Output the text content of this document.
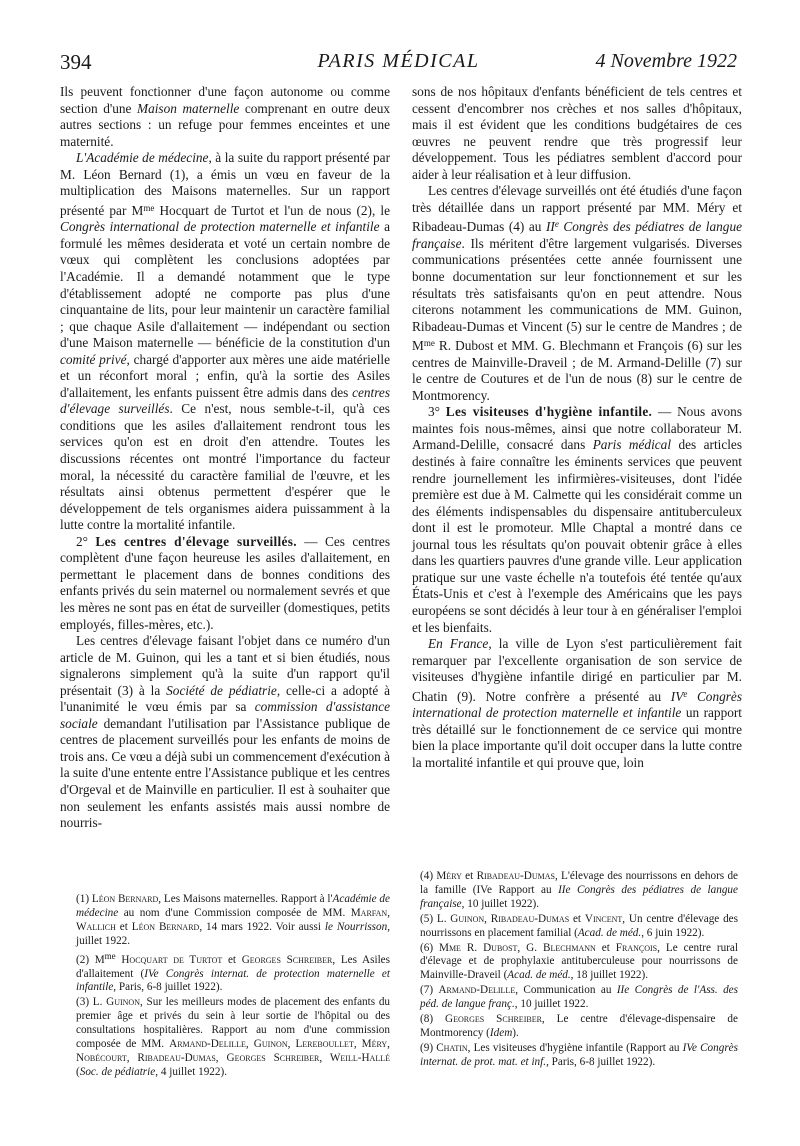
394	PARIS MÉDICAL	4 Novembre 1922

Ils peuvent fonctionner d'une façon autonome ou comme section d'une Maison maternelle comprenant en outre deux autres sections : un refuge pour femmes enceintes et une maternité.

L'Académie de médecine, à la suite du rapport présenté par M. Léon Bernard (1), a émis un vœu en faveur de la multiplication des Maisons maternelles. Sur un rapport présenté par $M^{me}$ Hocquart de Turtot et l'un de nous (2), le Congrès international de protection maternelle et infantile a formulé les mêmes desiderata et voté un certain nombre de vœux qui complètent les conclusions adoptées par l'Académie. Il a demandé notamment que le type d'établissement adopté ne comporte pas plus d'une cinquantaine de lits, pour leur maintenir un caractère familial ; que chaque Asile d'allaitement — indépendant ou section d'une Maison maternelle — bénéficie de la constitution d'un comité privé, chargé d'apporter aux mères une aide matérielle et un réconfort moral ; enfin, qu'à la sortie des Asiles d'allaitement, les enfants puissent être admis dans des centres d'élevage surveillés. Ce n'est, nous semble-t-il, qu'à ces conditions que les asiles d'allaitement rendront tous les services qu'on est en droit d'en attendre. Toutes les discussions récentes ont montré l'importance du facteur moral, la nécessité du caractère familial de l'œuvre, et les résultats ainsi obtenus permettent d'espérer que le développement de tels organismes aidera puissamment à la lutte contre la mortalité infantile.

2° Les centres d'élevage surveillés. — Ces centres complètent d'une façon heureuse les asiles d'allaitement, en permettant le placement dans de bonnes conditions des enfants privés du sein maternel ou normalement sevrés et que les mères ne sont pas en état de surveiller (domestiques, petits employés, filles-mères, etc.).

Les centres d'élevage faisant l'objet dans ce numéro d'un article de M. Guinon, qui les a tant et si bien étudiés, nous signalerons simplement qu'à la suite d'un rapport qu'il présentait (3) à la Société de pédiatrie, celle-ci a adopté à l'unanimité le vœu émis par sa commission d'assistance sociale demandant l'utilisation par l'Assistance publique de centres de placement surveillés pour les enfants de moins de trois ans. Ce vœu a déjà subi un commencement d'exécution à la suite d'une entente entre l'Assistance publique et les centres d'Orgeval et de Mainville en particulier. Il est à souhaiter que non seulement les enfants assistés mais aussi nombre de nourris-

sons de nos hôpitaux d'enfants bénéficient de tels centres et cessent d'encombrer nos crèches et nos salles d'hôpitaux, mais il est évident que les conditions budgétaires de ces œuvres ne peuvent rendre que très progressif leur développement. Tous les pédiatres semblent d'accord pour aider à leur réalisation et à leur diffusion.

Les centres d'élevage surveillés ont été étudiés d'une façon très détaillée dans un rapport présenté par MM. Méry et Ribadeau-Dumas (4) au IIe Congrès des pédiatres de langue française. Ils méritent d'être largement vulgarisés. Diverses communications présentées cette année fournissent une bonne documentation sur leur fonctionnement et sur les résultats très satisfaisants qu'on en peut attendre. Nous citerons notamment les communications de MM. Guinon, Ribadeau-Dumas et Vincent (5) sur le centre de Mandres ; de $M^{me}$ R. Dubost et MM. G. Blechmann et François (6) sur les centres de Mainville-Draveil ; de M. Armand-Delille (7) sur le centre de Coutures et de l'un de nous (8) sur le centre de Montmorency.

3° Les visiteuses d'hygiène infantile. — Nous avons maintes fois nous-mêmes, ainsi que notre collaborateur M. Armand-Delille, consacré dans Paris médical des articles destinés à faire connaître les éminents services que peuvent rendre journellement les infirmières-visiteuses, dont l'idée première est due à M. Calmette qui les considérait comme un des éléments indispensables du dispensaire antituberculeux dont il est le promoteur. Mlle Chaptal a montré dans ce journal tous les résultats qu'on pouvait obtenir grâce à elles dans les quartiers pauvres d'une grande ville. Leur application pratique sur une vaste échelle n'a toutefois été tentée qu'aux États-Unis et c'est à l'exemple des Américains que les pays européens se sont décidés à leur tour à en généraliser l'emploi et les bienfaits.

En France, la ville de Lyon s'est particulièrement fait remarquer par l'excellente organisation de son service de visiteuses d'hygiène infantile dirigé en particulier par M. Chatin (9). Notre confrère a présenté au IVe Congrès international de protection maternelle et infantile un rapport très détaillé sur le fonctionnement de ce service qui montre bien la place importante qu'il doit occuper dans la lutte contre la mortalité infantile et qui prouve que, loin

(1) Léon Bernard, Les Maisons maternelles. Rapport à l'Académie de médecine au nom d'une Commission composée de MM. Marfan, Wallich et Léon Bernard, 14 mars 1922. Voir aussi le Nourrisson, juillet 1922.

(2) $M^{me}$ Hocquart de Turtot et Georges Schreiber, Les Asiles d'allaitement (IVe Congrès internat. de protection maternelle et infantile, Paris, 6-8 juillet 1922).

(3) L. Guinon, Sur les meilleurs modes de placement des enfants du premier âge et privés du sein à leur sortie de l'hôpital ou des consultations hospitalières. Rapport au nom d'une commission composée de MM. Armand-Delille, Guinon, Lereboullet, Méry, Nobécourt, Ribadeau-Dumas, Georges Schreiber, Weill-Hallé (Soc. de pédiatrie, 4 juillet 1922).

(4) Méry et Ribadeau-Dumas, L'élevage des nourrissons en dehors de la famille (IVe Rapport au IIe Congrès des pédiatres de langue française, 10 juillet 1922).

(5) L. Guinon, Ribadeau-Dumas et Vincent, Un centre d'élevage des nourrissons en placement familial (Acad. de méd., 6 juin 1922).

(6) Mme R. Dubost, G. Blechmann et François, Le centre rural d'élevage et de prophylaxie antituberculeuse pour nourrissons de Mainville-Draveil (Acad. de méd., 18 juillet 1922).

(7) Armand-Delille, Communication au IIe Congrès de l'Ass. des péd. de langue franç., 10 juillet 1922.

(8) Georges Schreiber, Le centre d'élevage-dispensaire de Montmorency (Idem).

(9) Chatin, Les visiteuses d'hygiène infantile (Rapport au IVe Congrès internat. de prot. mat. et inf., Paris, 6-8 juillet 1922).
